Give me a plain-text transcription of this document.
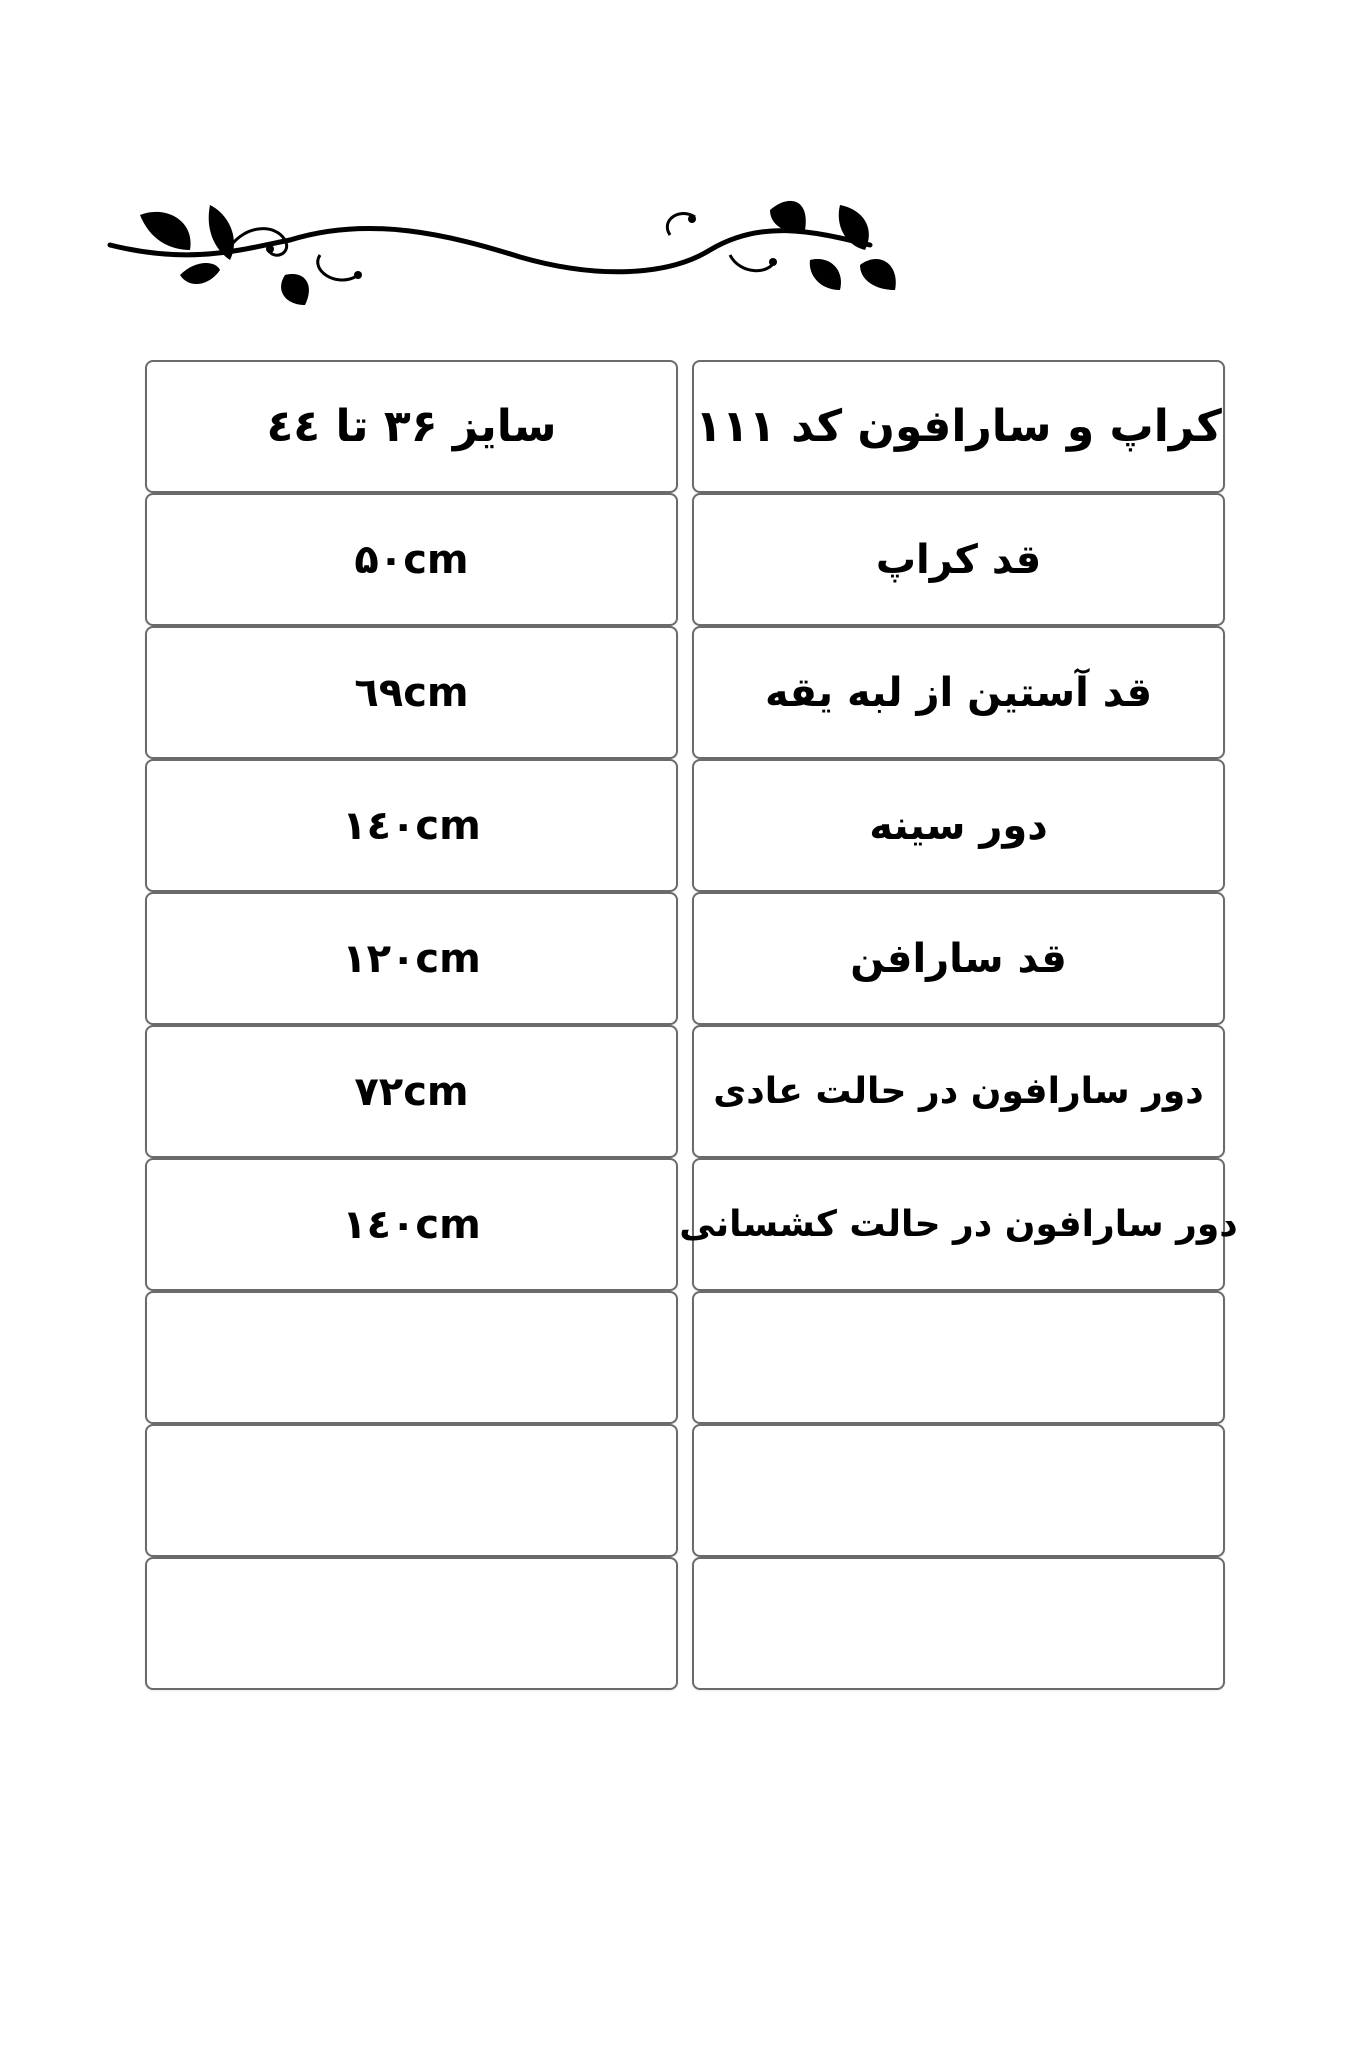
سایز ۳۶ تا ٤٤	کراپ و سارافون کد ۱۱۱
۵۰cm	قد کراپ
٦٩cm	قد آستین از لبه یقه
١٤٠cm	دور سینه
١٢٠cm	قد سارافن
٧٢cm	دور سارافون در حالت عادی
١٤٠cm	دور سارافون در حالت کشسانی
